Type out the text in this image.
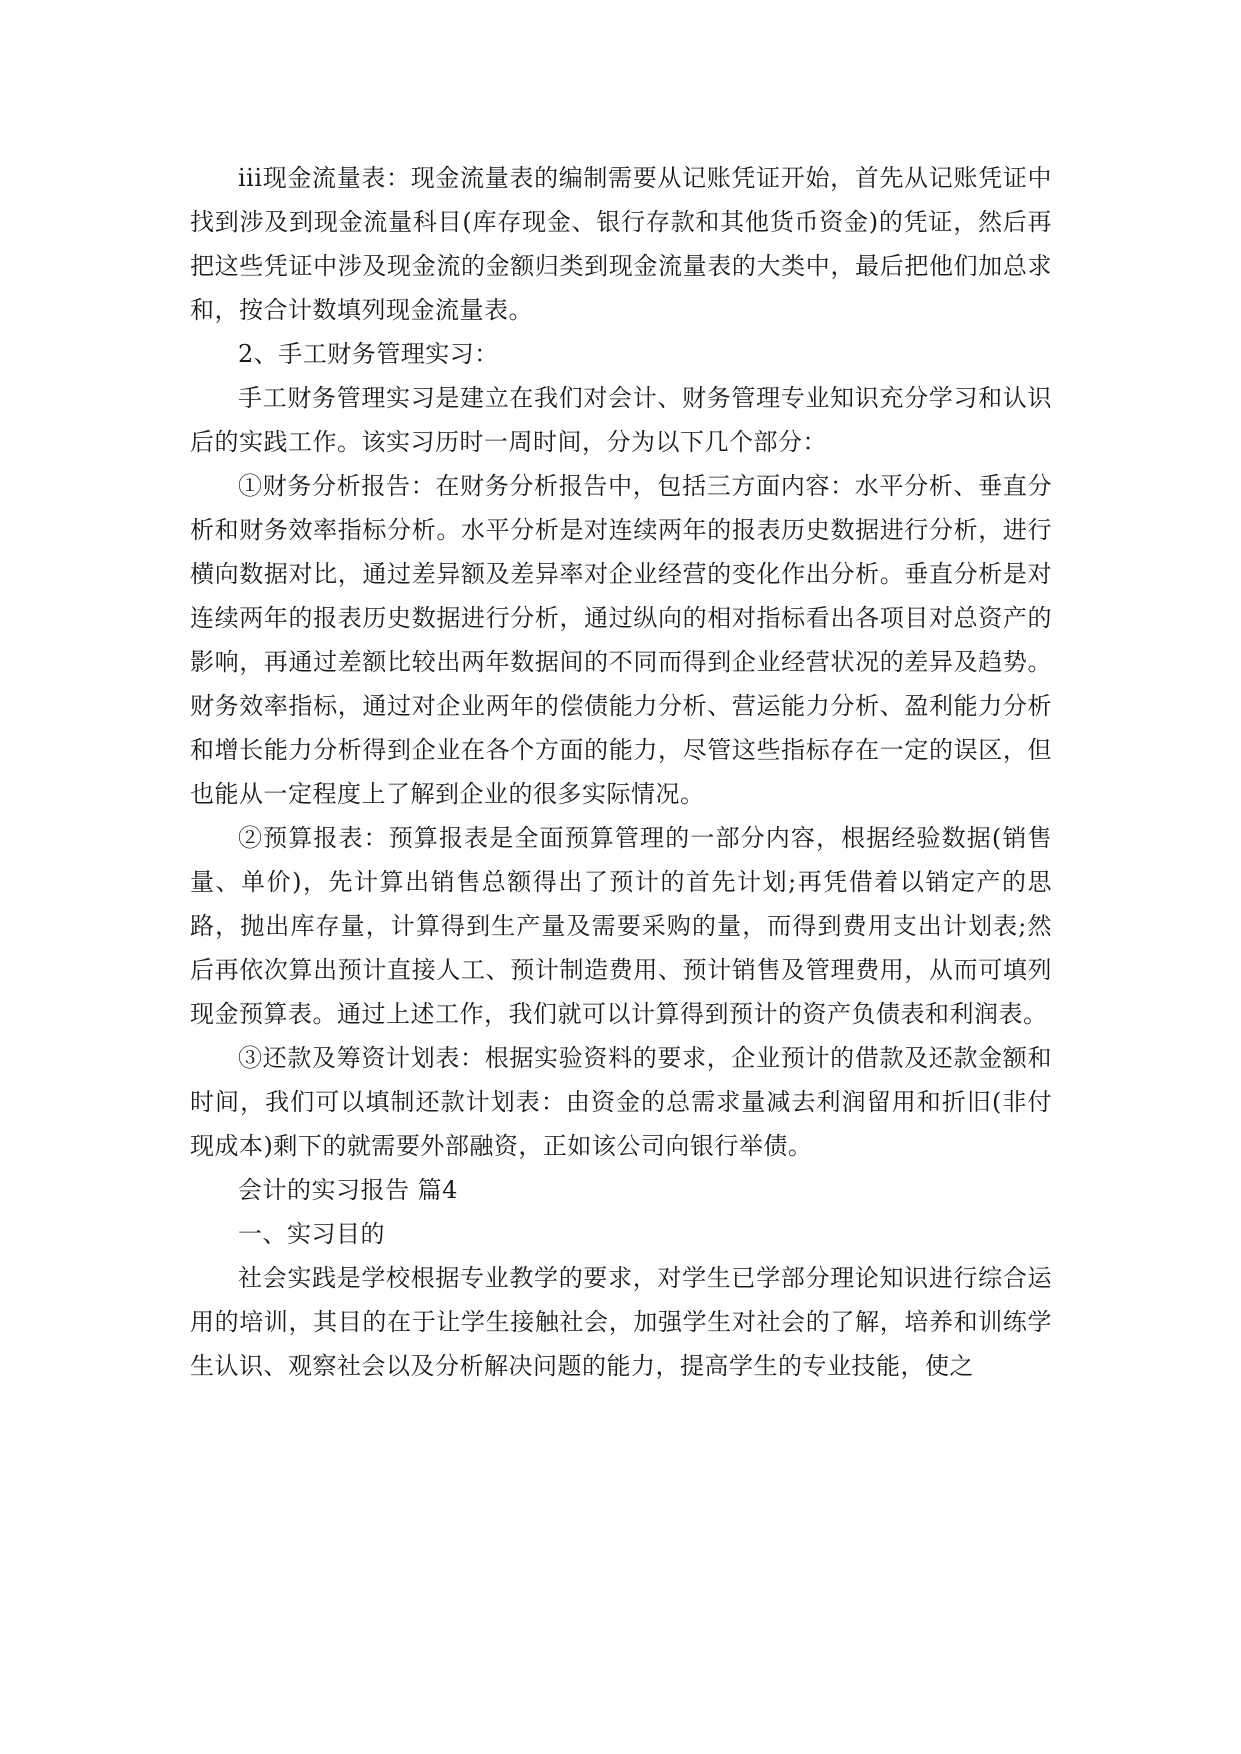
iii现金流量表：现金流量表的编制需要从记账凭证开始，首先从记账凭证中找到涉及到现金流量科目(库存现金、银行存款和其他货币资金)的凭证，然后再把这些凭证中涉及现金流的金额归类到现金流量表的大类中，最后把他们加总求和，按合计数填列现金流量表。

2、手工财务管理实习：

手工财务管理实习是建立在我们对会计、财务管理专业知识充分学习和认识后的实践工作。该实习历时一周时间，分为以下几个部分：

①财务分析报告：在财务分析报告中，包括三方面内容：水平分析、垂直分析和财务效率指标分析。水平分析是对连续两年的报表历史数据进行分析，进行横向数据对比，通过差异额及差异率对企业经营的变化作出分析。垂直分析是对连续两年的报表历史数据进行分析，通过纵向的相对指标看出各项目对总资产的影响，再通过差额比较出两年数据间的不同而得到企业经营状况的差异及趋势。财务效率指标，通过对企业两年的偿债能力分析、营运能力分析、盈利能力分析和增长能力分析得到企业在各个方面的能力，尽管这些指标存在一定的误区，但也能从一定程度上了解到企业的很多实际情况。

②预算报表：预算报表是全面预算管理的一部分内容，根据经验数据(销售量、单价)，先计算出销售总额得出了预计的首先计划;再凭借着以销定产的思路，抛出库存量，计算得到生产量及需要采购的量，而得到费用支出计划表;然后再依次算出预计直接人工、预计制造费用、预计销售及管理费用，从而可填列现金预算表。通过上述工作，我们就可以计算得到预计的资产负债表和利润表。

③还款及筹资计划表：根据实验资料的要求，企业预计的借款及还款金额和时间，我们可以填制还款计划表：由资金的总需求量减去利润留用和折旧(非付现成本)剩下的就需要外部融资，正如该公司向银行举债。

会计的实习报告 篇4

一、实习目的

社会实践是学校根据专业教学的要求，对学生已学部分理论知识进行综合运用的培训，其目的在于让学生接触社会，加强学生对社会的了解，培养和训练学生认识、观察社会以及分析解决问题的能力，提高学生的专业技能，使之
